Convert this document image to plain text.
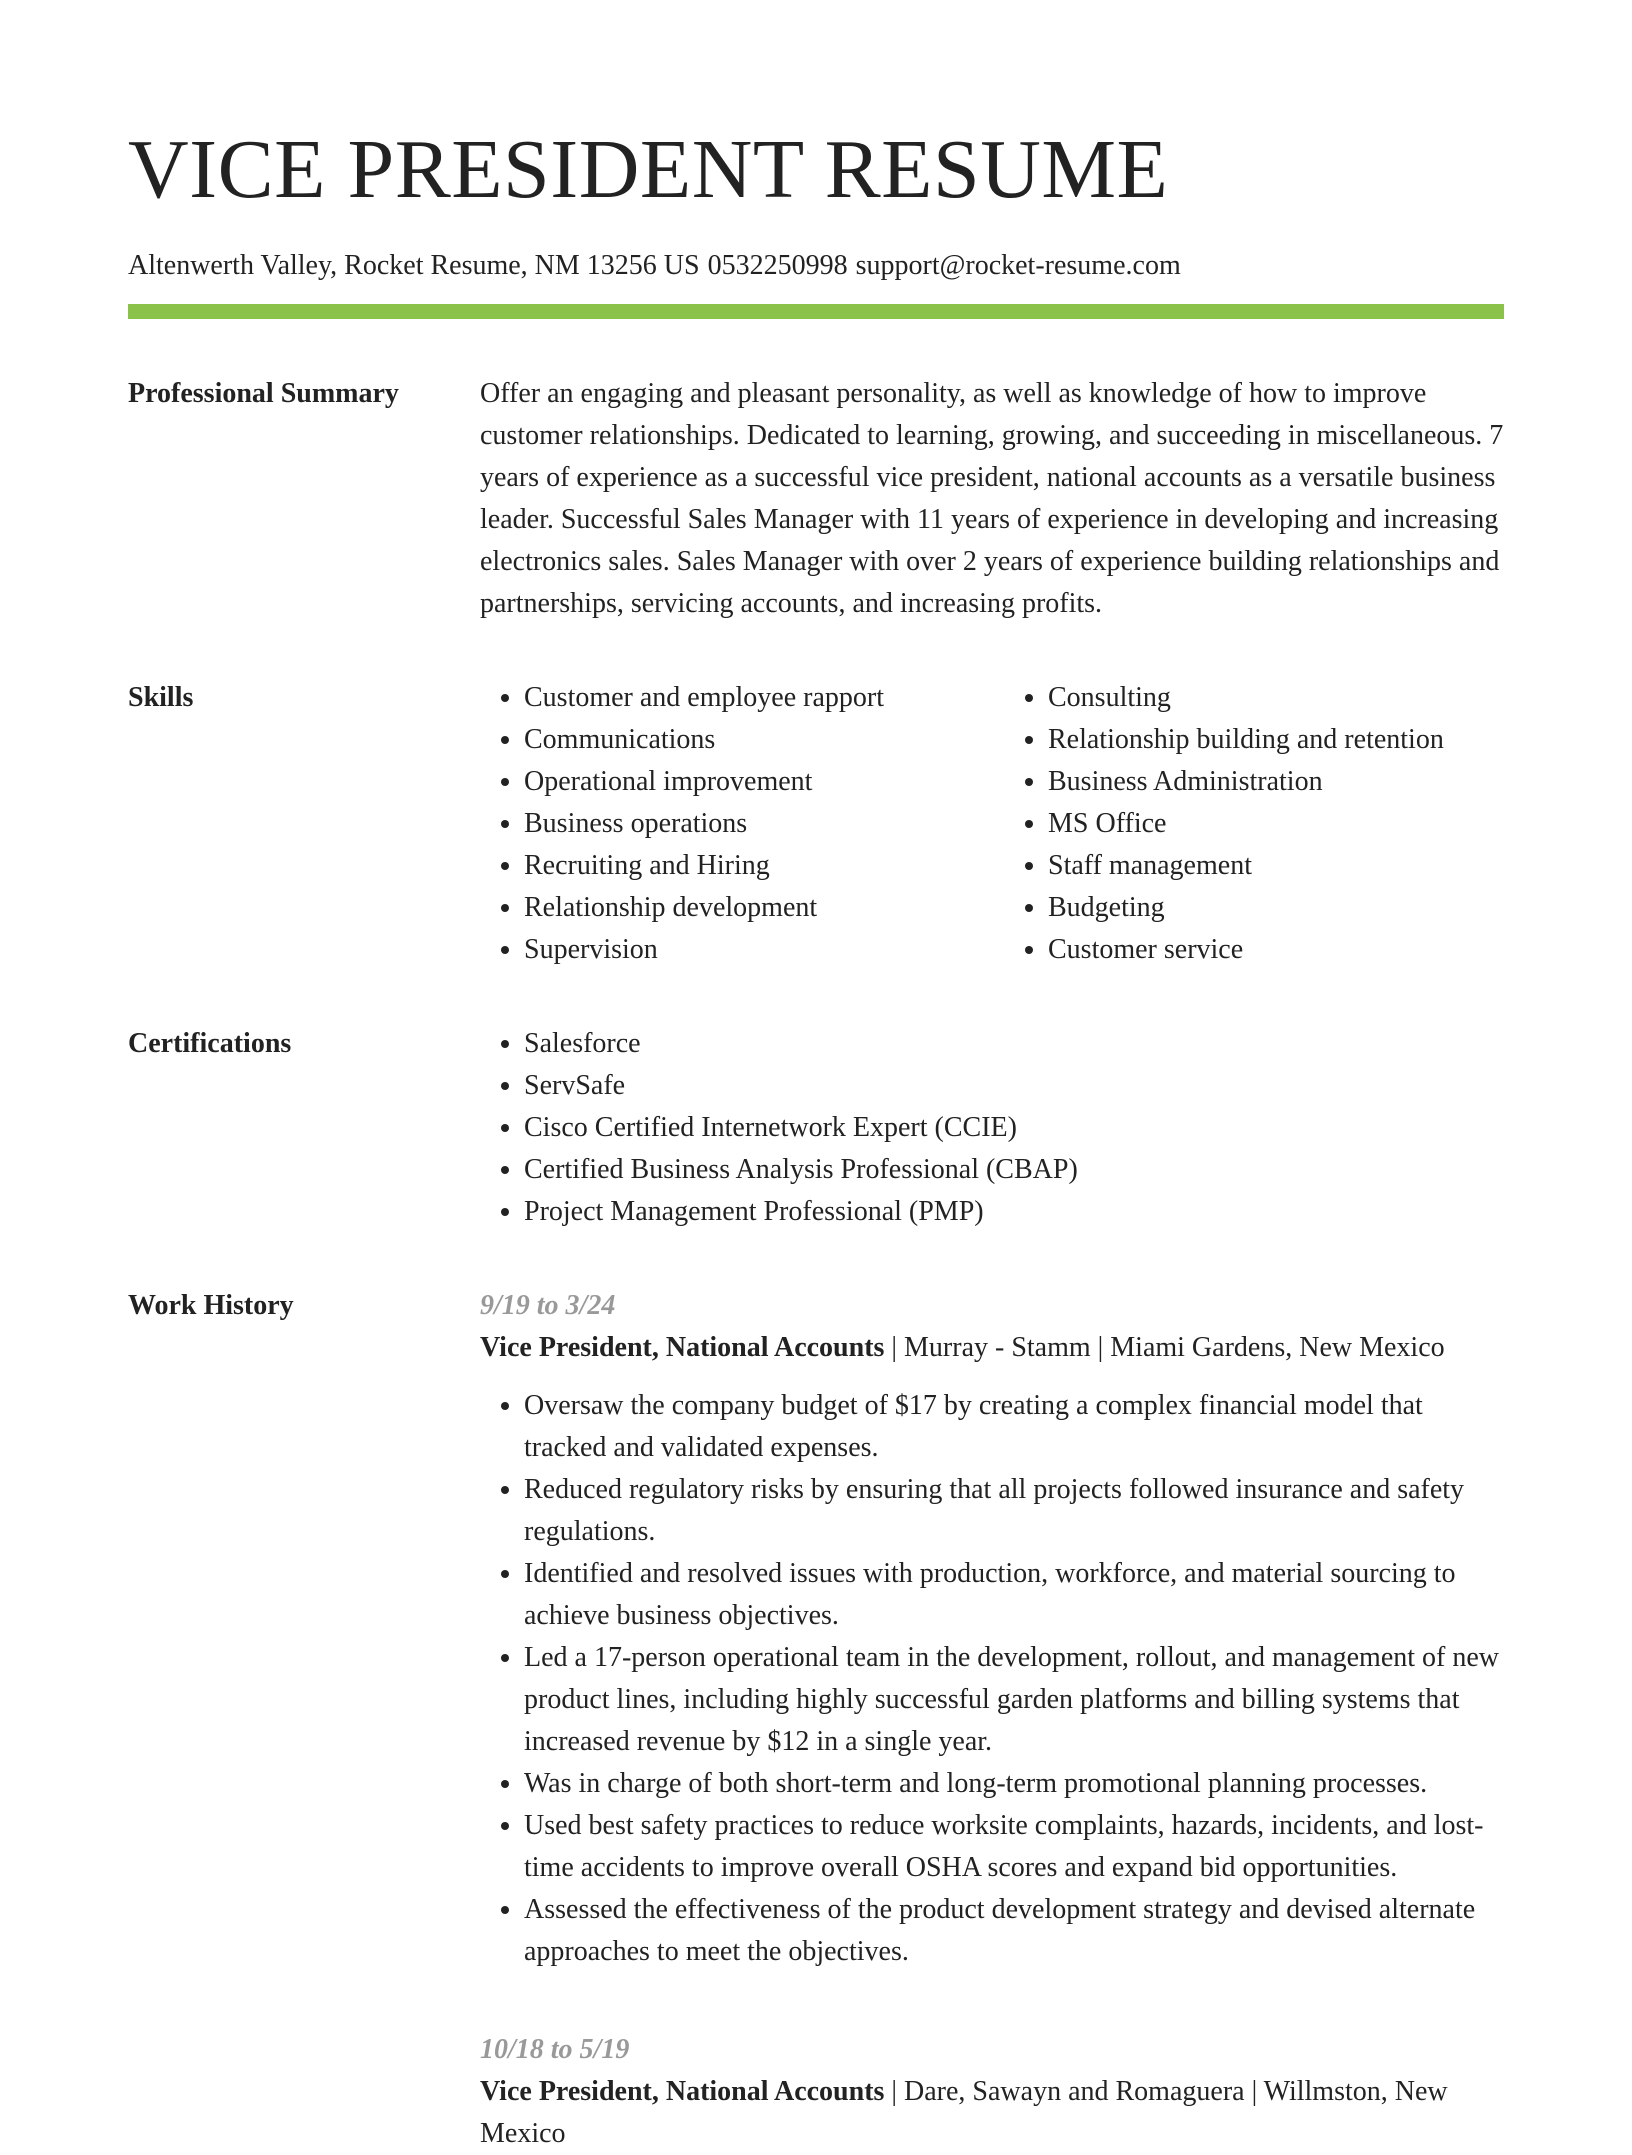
VICE PRESIDENT RESUME
Altenwerth Valley, Rocket Resume, NM 13256 US 0532250998 support@rocket-resume.com
Professional Summary	Offer an engaging and pleasant personality, as well as knowledge of how to improve customer relationships. Dedicated to learning, growing, and succeeding in miscellaneous. 7 years of experience as a successful vice president, national accounts as a versatile business leader. Successful Sales Manager with 11 years of experience in developing and increasing electronics sales. Sales Manager with over 2 years of experience building relationships and partnerships, servicing accounts, and increasing profits.

Skills	• Customer and employee rapport
• Communications
• Operational improvement
• Business operations
• Recruiting and Hiring
• Relationship development
• Supervision
• Consulting
• Relationship building and retention
• Business Administration
• MS Office
• Staff management
• Budgeting
• Customer service
Certifications	• Salesforce
• ServSafe
• Cisco Certified Internetwork Expert (CCIE)
• Certified Business Analysis Professional (CBAP)
• Project Management Professional (PMP)
Work History	9/19 to 3/24
Vice President, National Accounts | Murray - Stamm | Miami Gardens, New Mexico
• Oversaw the company budget of $17 by creating a complex financial model that tracked and validated expenses.
• Reduced regulatory risks by ensuring that all projects followed insurance and safety regulations.
• Identified and resolved issues with production, workforce, and material sourcing to achieve business objectives.
• Led a 17-person operational team in the development, rollout, and management of new product lines, including highly successful garden platforms and billing systems that increased revenue by $12 in a single year.
• Was in charge of both short-term and long-term promotional planning processes.
• Used best safety practices to reduce worksite complaints, hazards, incidents, and lost-time accidents to improve overall OSHA scores and expand bid opportunities.
• Assessed the effectiveness of the product development strategy and devised alternate approaches to meet the objectives.
10/18 to 5/19
Vice President, National Accounts | Dare, Sawayn and Romaguera | Willmston, New Mexico
